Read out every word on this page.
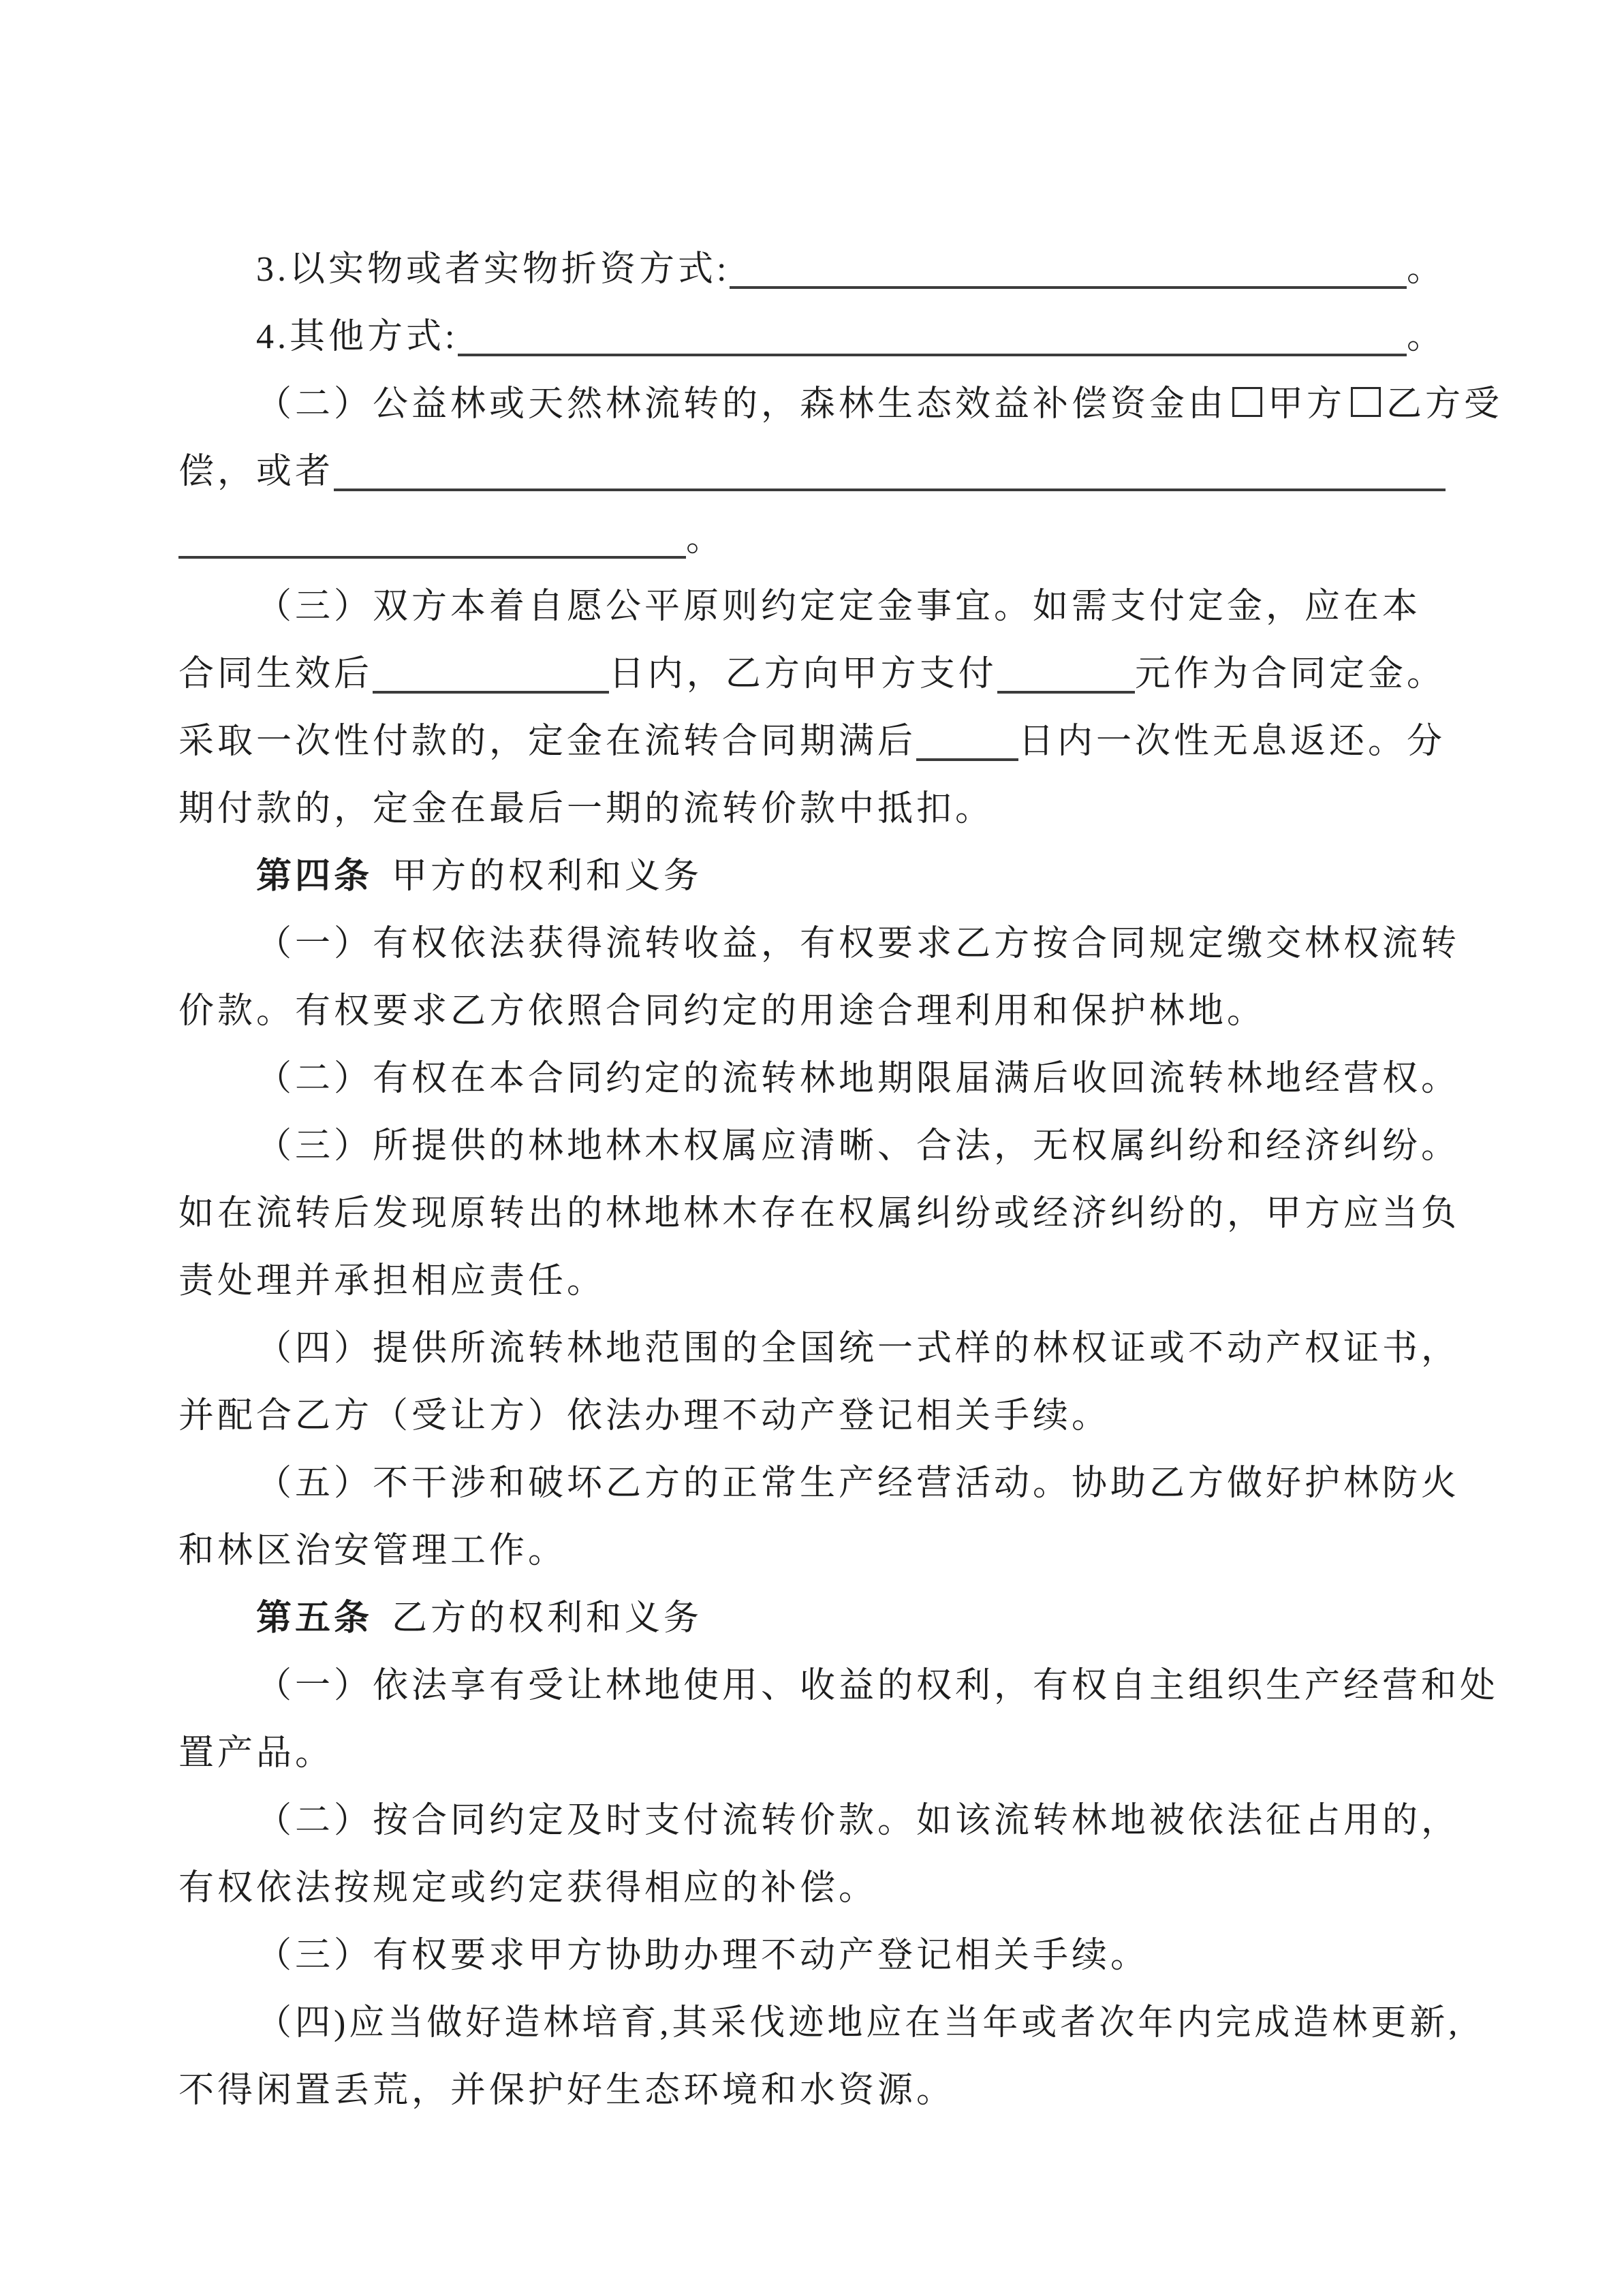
3.以实物或者实物折资方式:	。
4.其他方式:	。
（二）公益林或天然林流转的，森林生态效益补偿资金由 甲方 乙方受
偿，或者
。
（三）双方本着自愿公平原则约定定金事宜。如需支付定金，应在本
合同生效后	日内，乙方向甲方支付	元作为合同定金。
采取一次性付款的，定金在流转合同期满后	日内一次性无息返还。分
期付款的，定金在最后一期的流转价款中抵扣。
第四条 甲方的权利和义务
（一）有权依法获得流转收益，有权要求乙方按合同规定缴交林权流转
价款。有权要求乙方依照合同约定的用途合理利用和保护林地。
（二）有权在本合同约定的流转林地期限届满后收回流转林地经营权。
（三）所提供的林地林木权属应清晰、合法，无权属纠纷和经济纠纷。
如在流转后发现原转出的林地林木存在权属纠纷或经济纠纷的，甲方应当负
责处理并承担相应责任。
（四）提供所流转林地范围的全国统一式样的林权证或不动产权证书，
并配合乙方（受让方）依法办理不动产登记相关手续。
（五）不干涉和破坏乙方的正常生产经营活动。协助乙方做好护林防火
和林区治安管理工作。
第五条 乙方的权利和义务
（一）依法享有受让林地使用、收益的权利，有权自主组织生产经营和处
置产品。
（二）按合同约定及时支付流转价款。如该流转林地被依法征占用的，
有权依法按规定或约定获得相应的补偿。
（三）有权要求甲方协助办理不动产登记相关手续。
（四)应当做好造林培育,其采伐迹地应在当年或者次年内完成造林更新,
不得闲置丢荒，并保护好生态环境和水资源。
